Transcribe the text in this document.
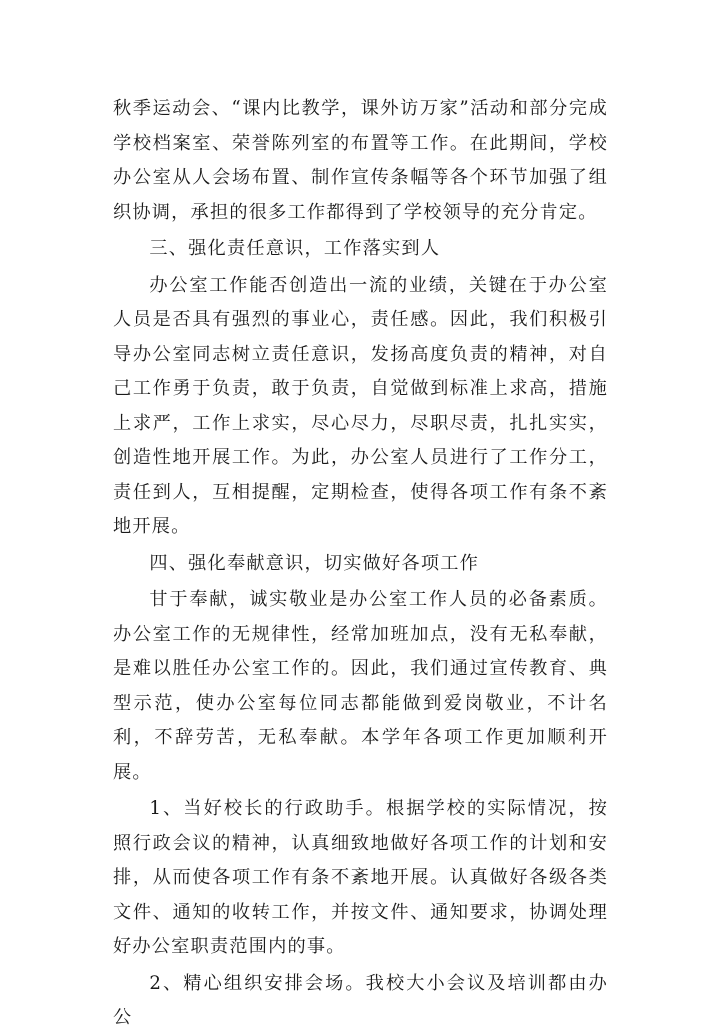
秋季运动会、“课内比教学，课外访万家”活动和部分完成学校档案室、荣誉陈列室的布置等工作。在此期间，学校办公室从人会场布置、制作宣传条幅等各个环节加强了组织协调，承担的很多工作都得到了学校领导的充分肯定。

三、强化责任意识，工作落实到人

办公室工作能否创造出一流的业绩，关键在于办公室人员是否具有强烈的事业心，责任感。因此，我们积极引导办公室同志树立责任意识，发扬高度负责的精神，对自己工作勇于负责，敢于负责，自觉做到标准上求高，措施上求严，工作上求实，尽心尽力，尽职尽责，扎扎实实，创造性地开展工作。为此，办公室人员进行了工作分工，责任到人，互相提醒，定期检查，使得各项工作有条不紊地开展。

四、强化奉献意识，切实做好各项工作

甘于奉献，诚实敬业是办公室工作人员的必备素质。办公室工作的无规律性，经常加班加点，没有无私奉献，是难以胜任办公室工作的。因此，我们通过宣传教育、典型示范，使办公室每位同志都能做到爱岗敬业，不计名利，不辞劳苦，无私奉献。本学年各项工作更加顺利开展。

1、当好校长的行政助手。根据学校的实际情况，按照行政会议的精神，认真细致地做好各项工作的计划和安排，从而使各项工作有条不紊地开展。认真做好各级各类文件、通知的收转工作，并按文件、通知要求，协调处理好办公室职责范围内的事。

2、精心组织安排会场。我校大小会议及培训都由办公
